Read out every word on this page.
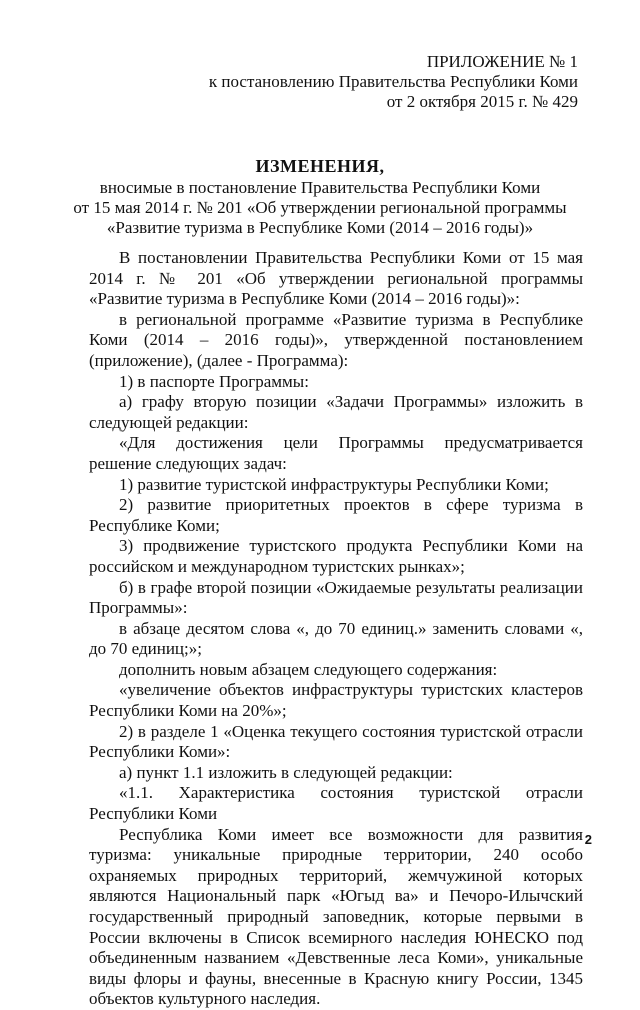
ПРИЛОЖЕНИЕ № 1
к постановлению Правительства Республики Коми
от 2 октября 2015 г. № 429
ИЗМЕНЕНИЯ,
вносимые в постановление Правительства Республики Коми
от 15 мая 2014 г. № 201 «Об утверждении региональной программы
«Развитие туризма в Республике Коми (2014 – 2016 годы)»

В постановлении Правительства Республики Коми от 15 мая 2014 г. № 201 «Об утверждении региональной программы «Развитие туризма в Республике Коми (2014 – 2016 годы)»:

в региональной программе «Развитие туризма в Республике Коми (2014 – 2016 годы)», утвержденной постановлением (приложение), (далее - Программа):

1) в паспорте Программы:

а) графу вторую позиции «Задачи Программы» изложить в следующей редакции:

«Для достижения цели Программы предусматривается решение следующих задач:

1) развитие туристской инфраструктуры Республики Коми;

2) развитие приоритетных проектов в сфере туризма в Республике Коми;

3) продвижение туристского продукта Республики Коми на российском и международном туристских рынках»;

б) в графе второй позиции «Ожидаемые результаты реализации Программы»:

в абзаце десятом слова «, до 70 единиц.» заменить словами «, до 70 единиц;»;

дополнить новым абзацем следующего содержания:

«увеличение объектов инфраструктуры туристских кластеров Республики Коми на 20%»;

2) в разделе 1 «Оценка текущего состояния туристской отрасли Республики Коми»:

а) пункт 1.1 изложить в следующей редакции:

«1.1. Характеристика состояния туристской отрасли Республики Коми

Республика Коми имеет все возможности для развития туризма: уникальные природные территории, 240 особо охраняемых природных территорий, жемчужиной которых являются Национальный парк «Югыд ва» и Печоро-Илычский государственный природный заповедник, которые первыми в России включены в Список всемирного наследия ЮНЕСКО под объединенным названием «Девственные леса Коми», уникальные виды флоры и фауны, внесенные в Красную книгу России, 1345 объектов культурного наследия.

2
